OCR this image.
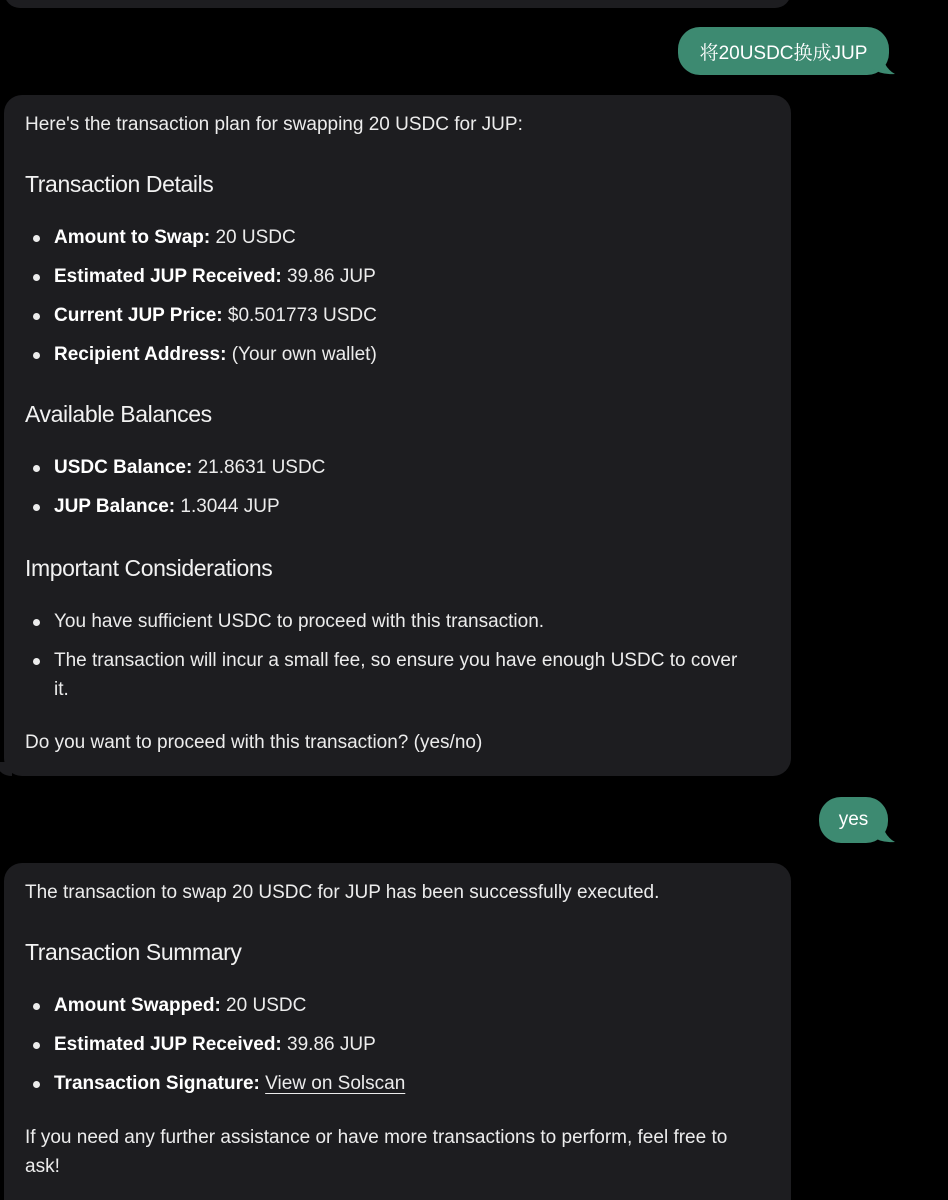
将20USDC换成JUP

Here's the transaction plan for swapping 20 USDC for JUP:

Transaction Details
Amount to Swap: 20 USDC
Estimated JUP Received: 39.86 JUP
Current JUP Price: $0.501773 USDC
Recipient Address: (Your own wallet)
Available Balances
USDC Balance: 21.8631 USDC
JUP Balance: 1.3044 JUP
Important Considerations
You have sufficient USDC to proceed with this transaction.
The transaction will incur a small fee, so ensure you have enough USDC to cover it.

Do you want to proceed with this transaction? (yes/no)

yes

The transaction to swap 20 USDC for JUP has been successfully executed.

Transaction Summary
Amount Swapped: 20 USDC
Estimated JUP Received: 39.86 JUP
Transaction Signature: View on Solscan

If you need any further assistance or have more transactions to perform, feel free to ask!
